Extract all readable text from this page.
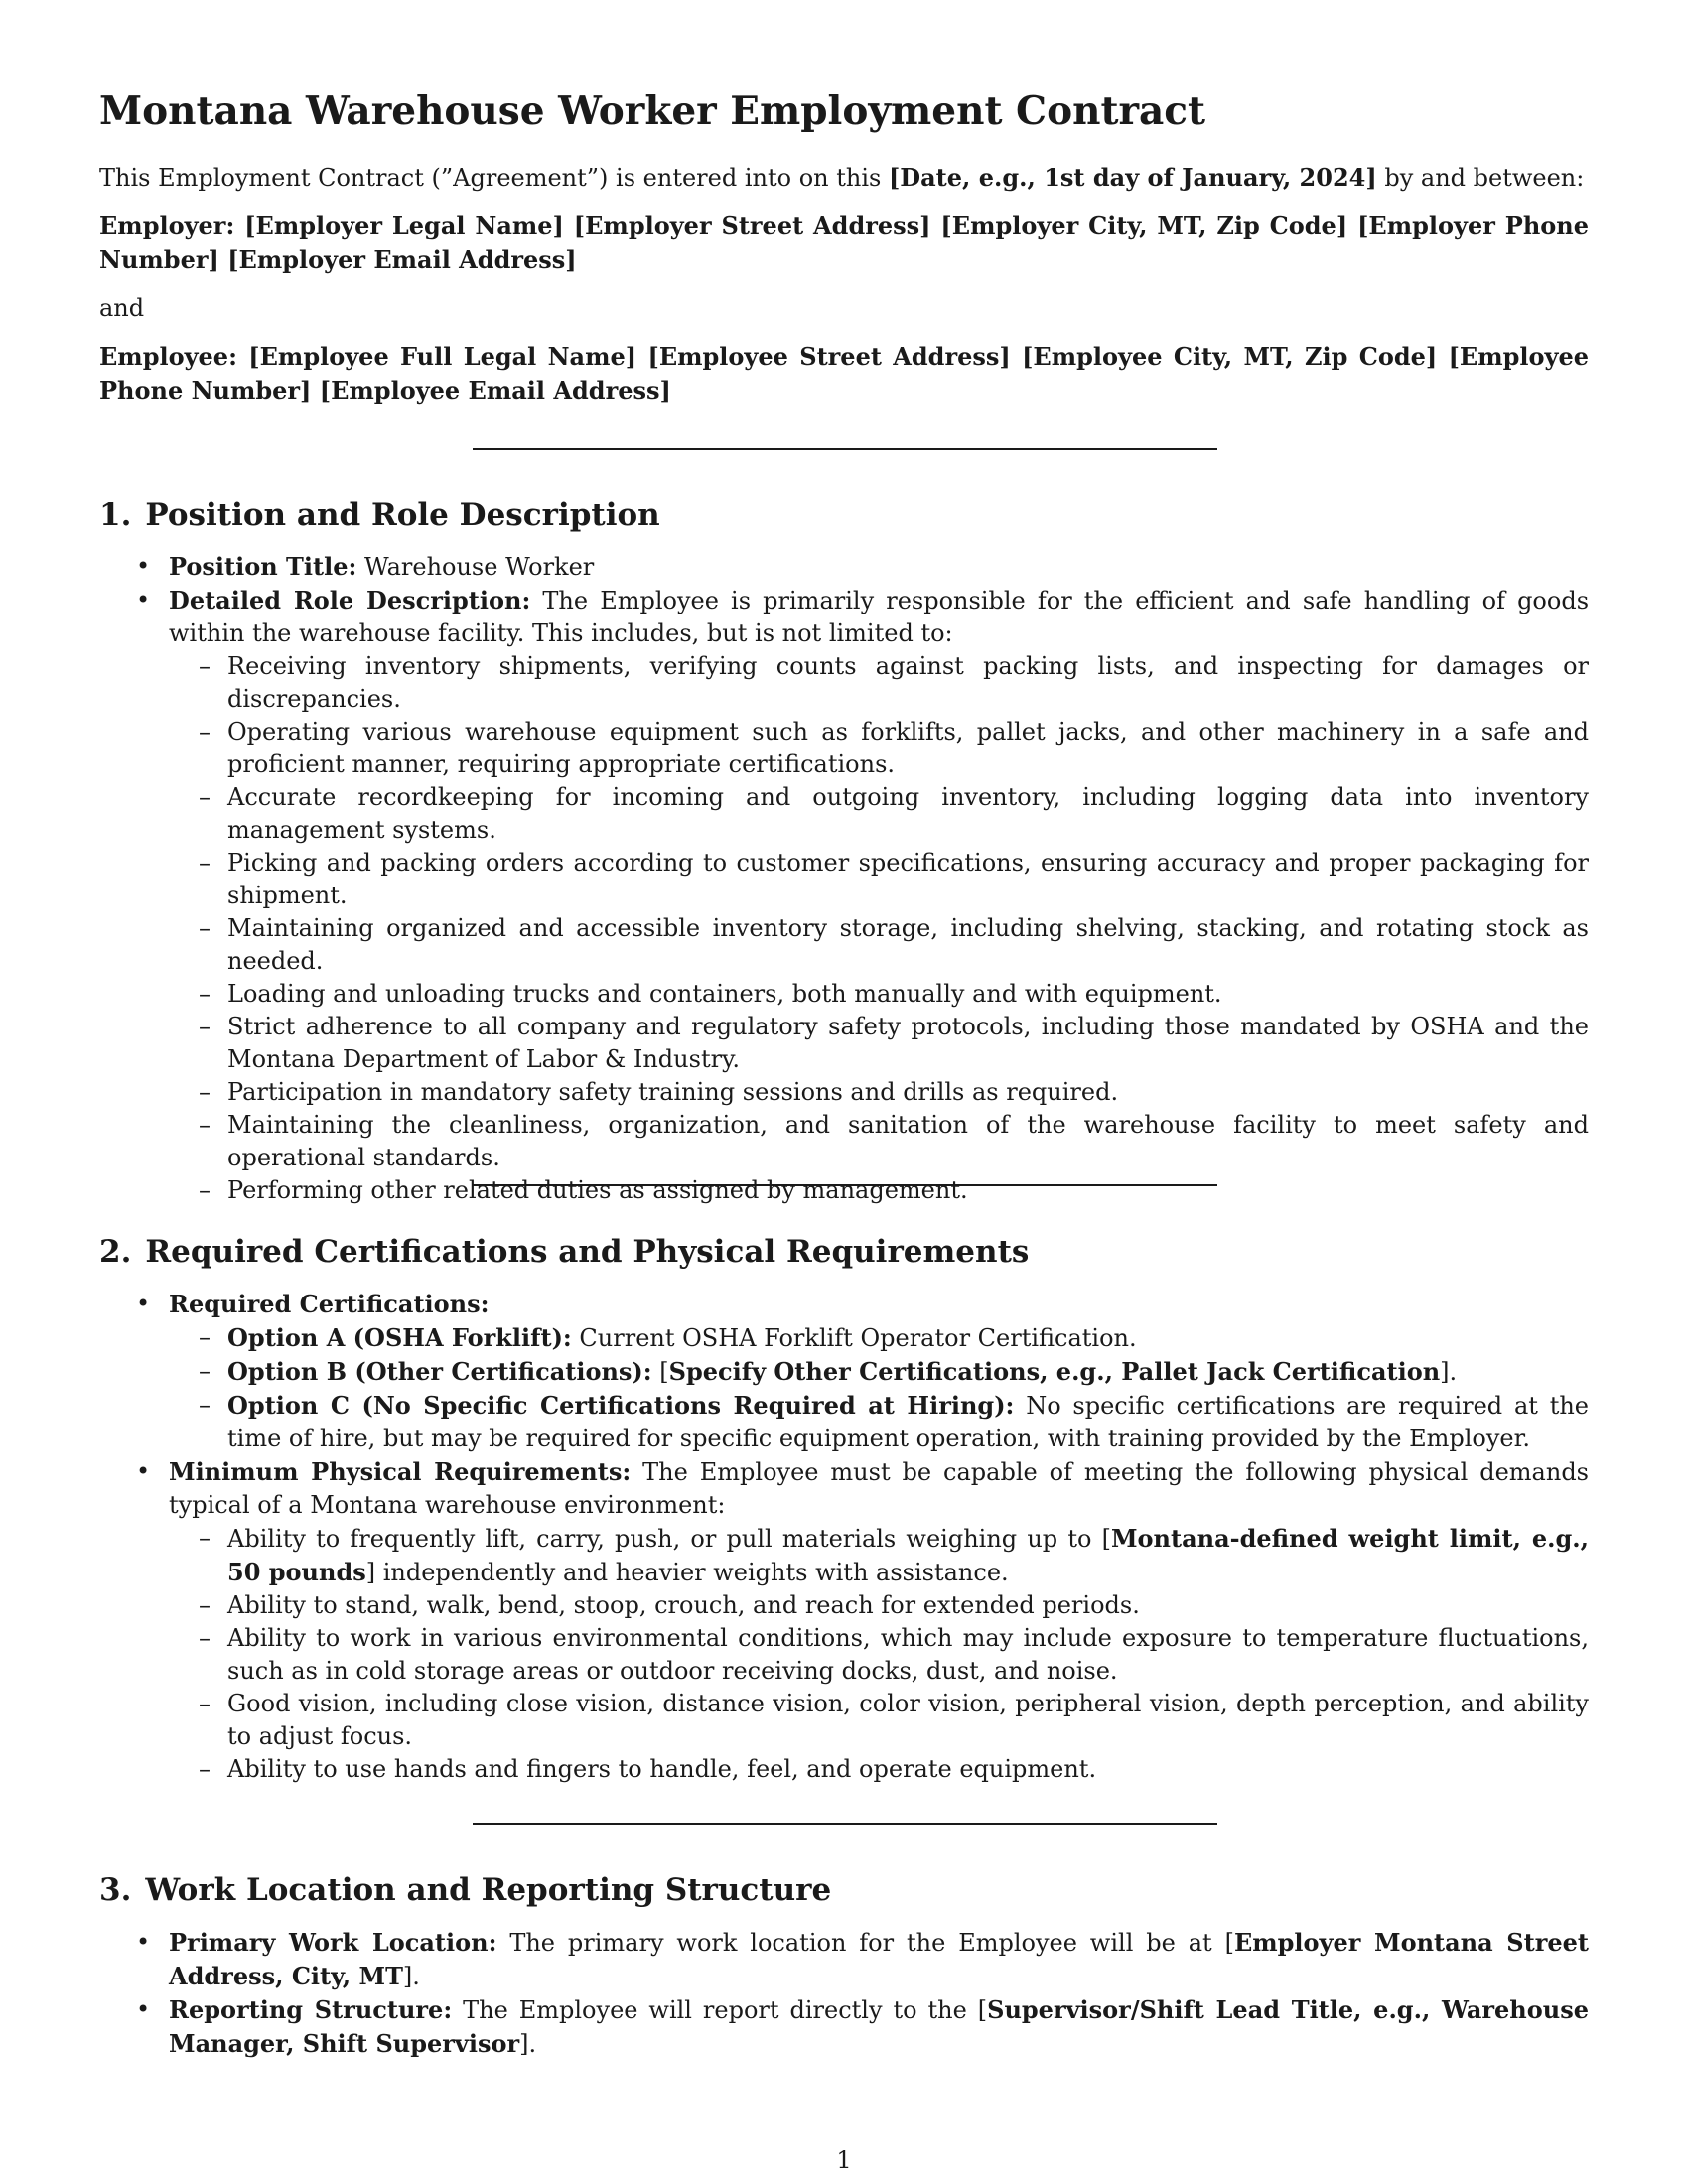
Montana Warehouse Worker Employment Contract

This Employment Contract (”Agreement”) is entered into on this [Date, e.g., 1st day of January, 2024] by and between:

Employer: [Employer Legal Name] [Employer Street Address] [Employer City, MT, Zip Code] [Employer Phone Number] [Employer Email Address]

and

Employee: [Employee Full Legal Name] [Employee Street Address] [Employee City, MT, Zip Code] [Employee Phone Number] [Employee Email Address]

1. Position and Role Description
• Position Title: Warehouse Worker
• Detailed Role Description: The Employee is primarily responsible for the efficient and safe handling of goods within the warehouse facility. This includes, but is not limited to:
– Receiving inventory shipments, verifying counts against packing lists, and inspecting for damages or discrepancies.
– Operating various warehouse equipment such as forklifts, pallet jacks, and other machinery in a safe and proficient manner, requiring appropriate certifications.
– Accurate recordkeeping for incoming and outgoing inventory, including logging data into inventory management systems.
– Picking and packing orders according to customer specifications, ensuring accuracy and proper packaging for shipment.
– Maintaining organized and accessible inventory storage, including shelving, stacking, and rotating stock as needed.
– Loading and unloading trucks and containers, both manually and with equipment.
– Strict adherence to all company and regulatory safety protocols, including those mandated by OSHA and the Montana Department of Labor & Industry.
– Participation in mandatory safety training sessions and drills as required.
– Maintaining the cleanliness, organization, and sanitation of the warehouse facility to meet safety and operational standards.
– Performing other related duties as assigned by management.
2. Required Certifications and Physical Requirements
• Required Certifications:
– Option A (OSHA Forklift): Current OSHA Forklift Operator Certification.
– Option B (Other Certifications): [Specify Other Certifications, e.g., Pallet Jack Certification].
– Option C (No Specific Certifications Required at Hiring): No specific certifications are required at the time of hire, but may be required for specific equipment operation, with training provided by the Employer.
• Minimum Physical Requirements: The Employee must be capable of meeting the following physical demands typical of a Montana warehouse environment:
– Ability to frequently lift, carry, push, or pull materials weighing up to [Montana-defined weight limit, e.g., 50 pounds] independently and heavier weights with assistance.
– Ability to stand, walk, bend, stoop, crouch, and reach for extended periods.
– Ability to work in various environmental conditions, which may include exposure to temperature fluctuations, such as in cold storage areas or outdoor receiving docks, dust, and noise.
– Good vision, including close vision, distance vision, color vision, peripheral vision, depth perception, and ability to adjust focus.
– Ability to use hands and fingers to handle, feel, and operate equipment.
3. Work Location and Reporting Structure
• Primary Work Location: The primary work location for the Employee will be at [Employer Montana Street Address, City, MT].
• Reporting Structure: The Employee will report directly to the [Supervisor/Shift Lead Title, e.g., Warehouse Manager, Shift Supervisor].
1
